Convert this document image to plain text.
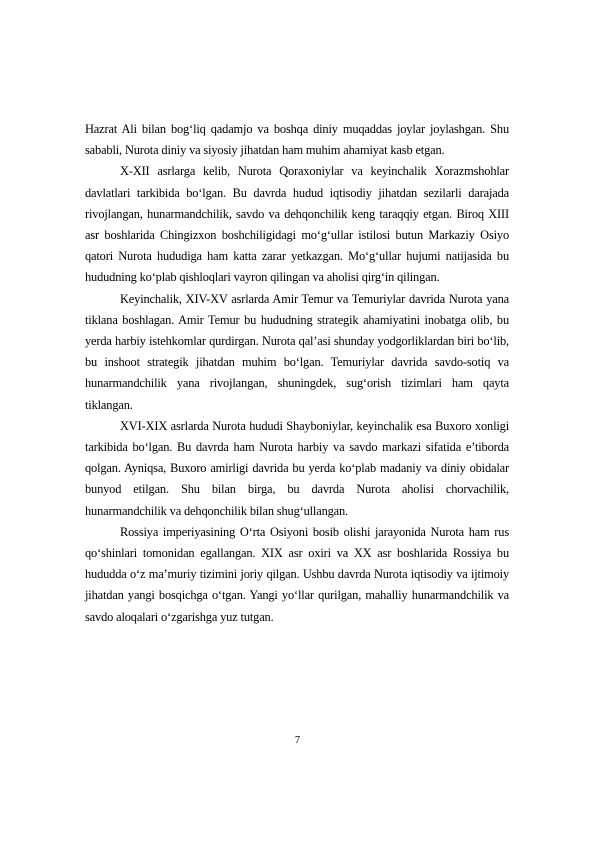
Hazrat Ali bilan bog‘liq qadamjo va boshqa diniy muqaddas joylar joylashgan. Shu sababli, Nurota diniy va siyosiy jihatdan ham muhim ahamiyat kasb etgan.

X-XII asrlarga kelib, Nurota Qoraxoniylar va keyinchalik Xorazmshohlar davlatlari tarkibida bo‘lgan. Bu davrda hudud iqtisodiy jihatdan sezilarli darajada rivojlangan, hunarmandchilik, savdo va dehqonchilik keng taraqqiy etgan. Biroq XIII asr boshlarida Chingizxon boshchiligidagi mo‘g‘ullar istilosi butun Markaziy Osiyo qatori Nurota hududiga ham katta zarar yetkazgan. Mo‘g‘ullar hujumi natijasida bu hududning ko‘plab qishloqlari vayron qilingan va aholisi qirg‘in qilingan.

Keyinchalik, XIV-XV asrlarda Amir Temur va Temuriylar davrida Nurota yana tiklana boshlagan. Amir Temur bu hududning strategik ahamiyatini inobatga olib, bu yerda harbiy istehkomlar qurdirgan. Nurota qal’asi shunday yodgorliklardan biri bo‘lib, bu inshoot strategik jihatdan muhim bo‘lgan. Temuriylar davrida savdo-sotiq va hunarmandchilik yana rivojlangan, shuningdek, sug‘orish tizimlari ham qayta tiklangan.

XVI-XIX asrlarda Nurota hududi Shayboniylar, keyinchalik esa Buxoro xonligi tarkibida bo‘lgan. Bu davrda ham Nurota harbiy va savdo markazi sifatida e’tiborda qolgan. Ayniqsa, Buxoro amirligi davrida bu yerda ko‘plab madaniy va diniy obidalar bunyod etilgan. Shu bilan birga, bu davrda Nurota aholisi chorvachilik, hunarmandchilik va dehqonchilik bilan shug‘ullangan.

Rossiya imperiyasining O‘rta Osiyoni bosib olishi jarayonida Nurota ham rus qo‘shinlari tomonidan egallangan. XIX asr oxiri va XX asr boshlarida Rossiya bu hududda o‘z ma’muriy tizimini joriy qilgan. Ushbu davrda Nurota iqtisodiy va ijtimoiy jihatdan yangi bosqichga o‘tgan. Yangi yo‘llar qurilgan, mahalliy hunarmandchilik va savdo aloqalari o‘zgarishga yuz tutgan.

7
